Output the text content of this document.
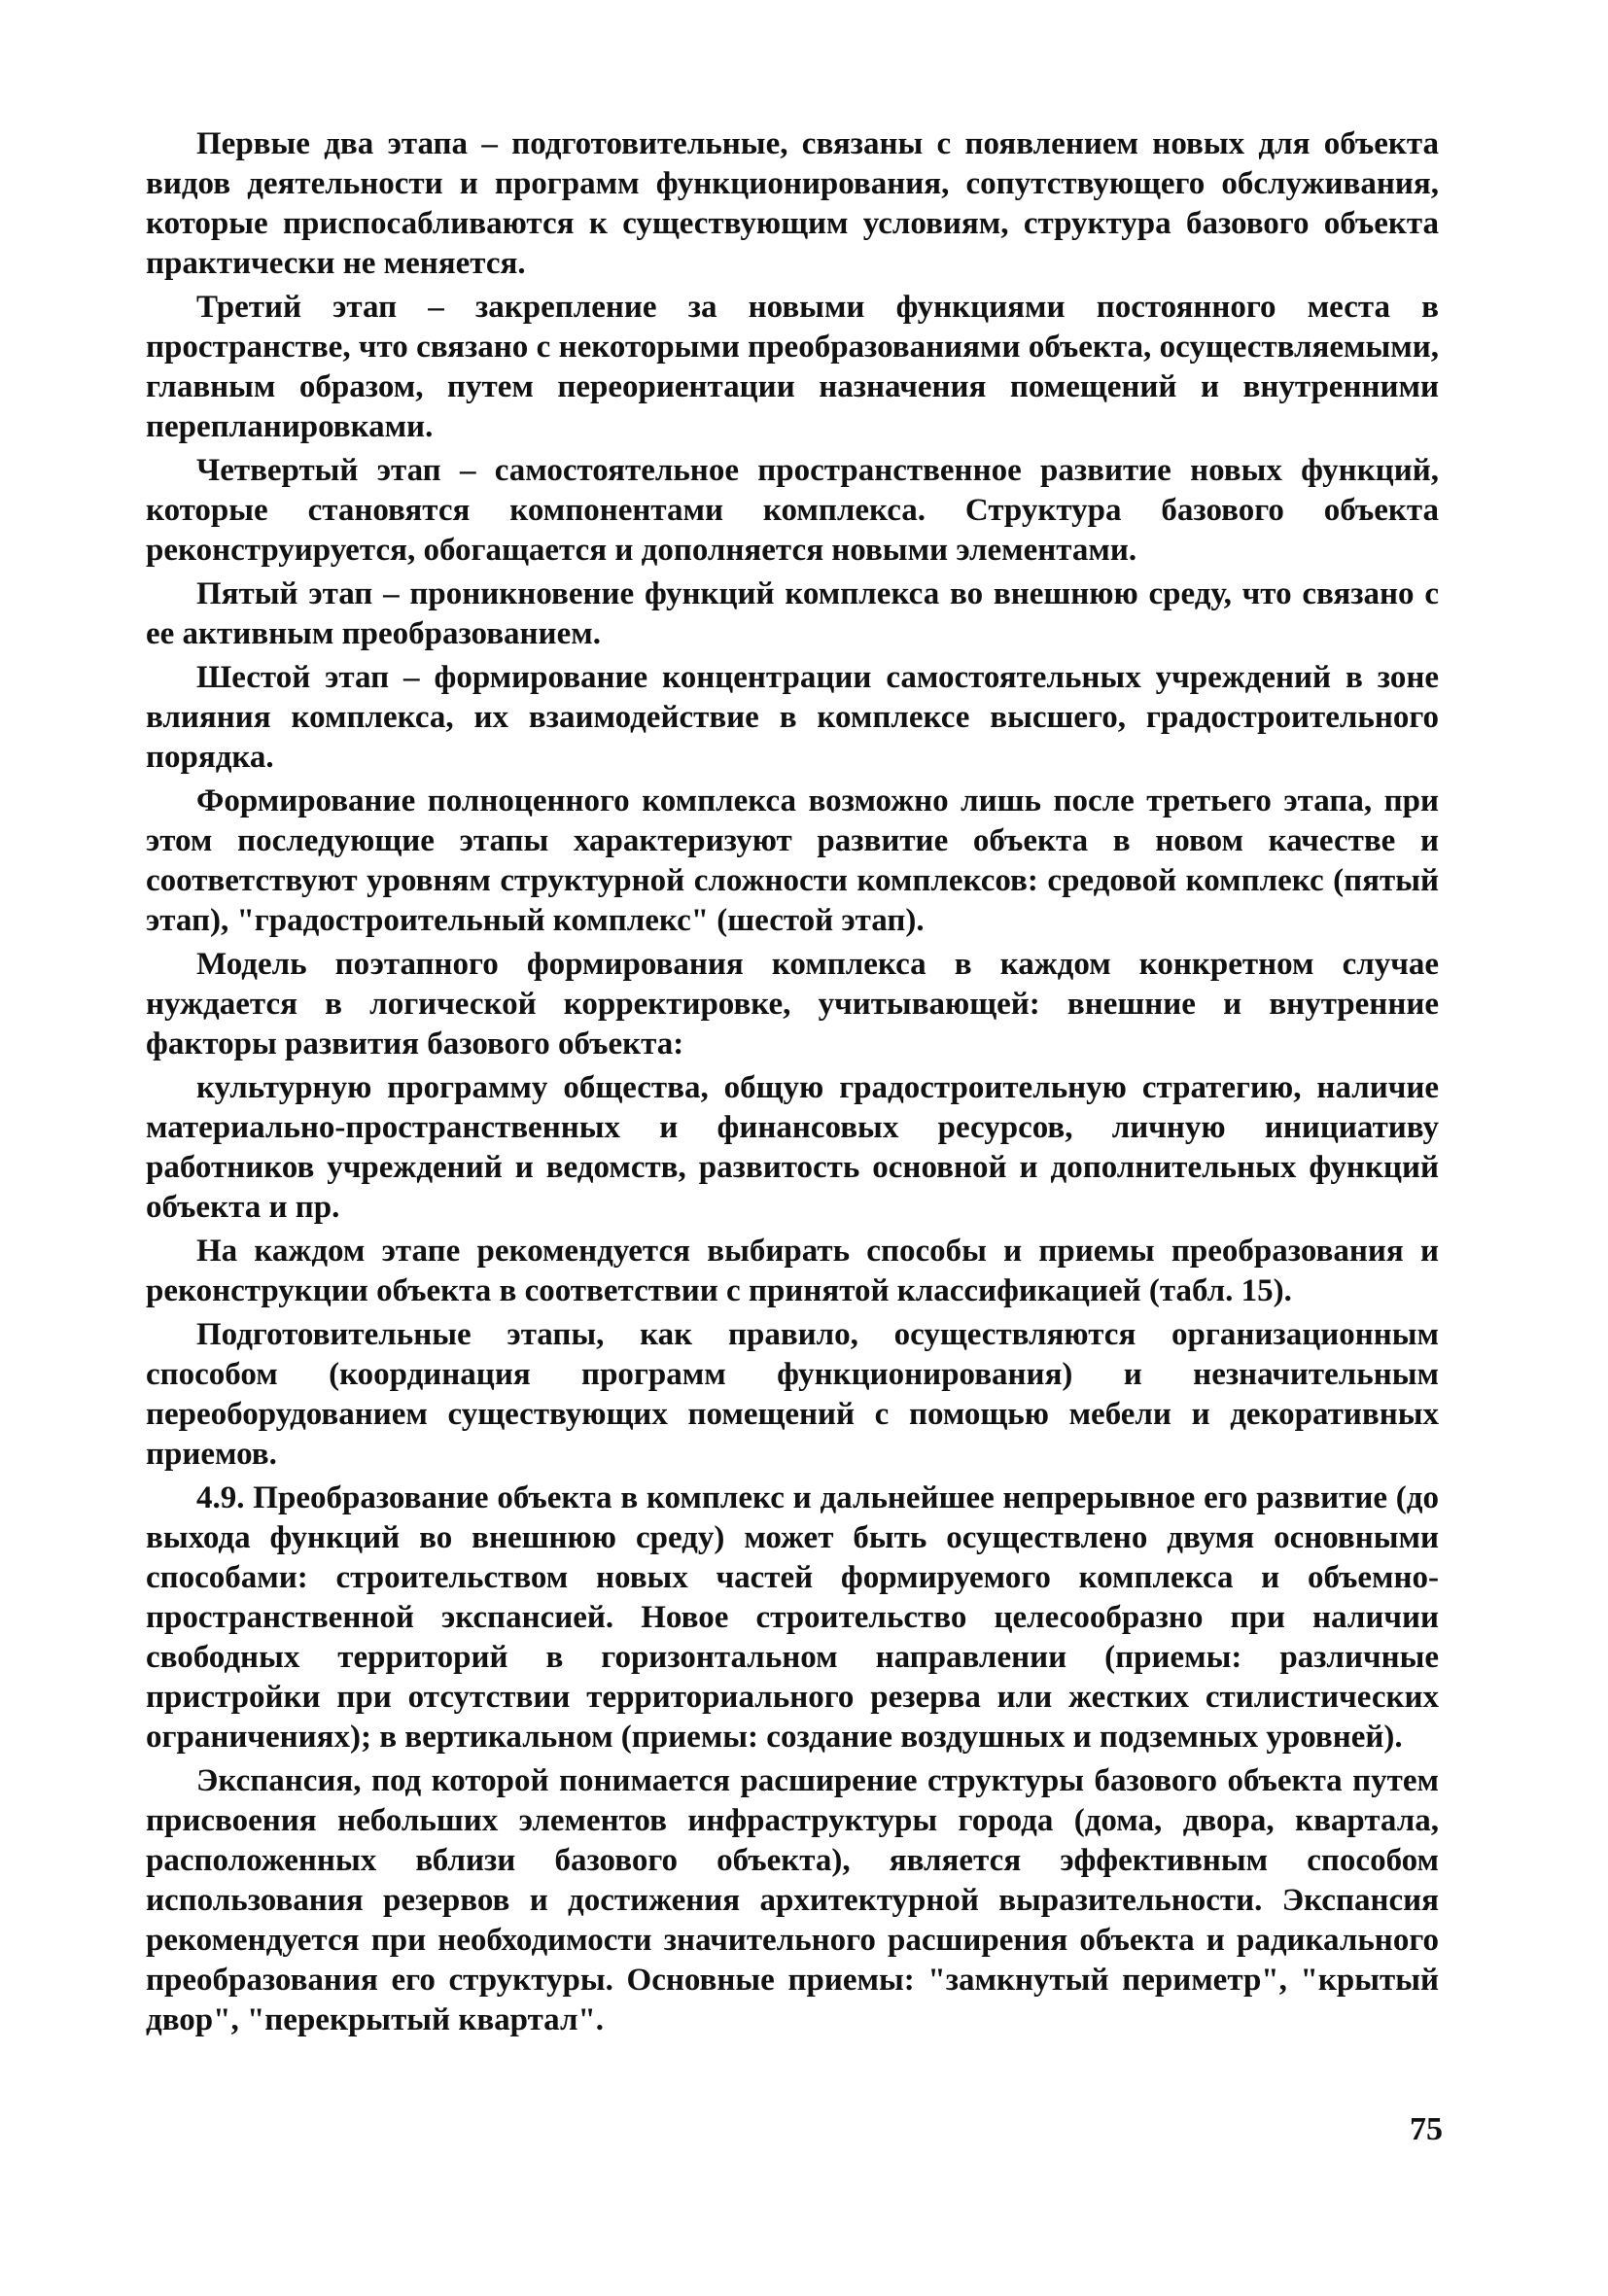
Первые два этапа – подготовительные, связаны с появлением новых для объекта видов деятельности и программ функционирования, сопутствующего обслуживания, которые приспосабливаются к существующим условиям, структура базового объекта практически не меняется.

Третий этап – закрепление за новыми функциями постоянного места в пространстве, что связано с некоторыми преобразованиями объекта, осуществляемыми, главным образом, путем переориентации назначения помещений и внутренними перепланировками.

Четвертый этап – самостоятельное пространственное развитие новых функций, которые становятся компонентами комплекса. Структура базового объекта реконструируется, обогащается и дополняется новыми элементами.

Пятый этап – проникновение функций комплекса во внешнюю среду, что связано с ее активным преобразованием.

Шестой этап – формирование концентрации самостоятельных учреждений в зоне влияния комплекса, их взаимодействие в комплексе высшего, градостроительного порядка.

Формирование полноценного комплекса возможно лишь после третьего этапа, при этом последующие этапы характеризуют развитие объекта в новом качестве и соответствуют уровням структурной сложности комплексов: средовой комплекс (пятый этап), "градостроительный комплекс" (шестой этап).

Модель поэтапного формирования комплекса в каждом конкретном случае нуждается в логической корректировке, учитывающей: внешние и внутренние факторы развития базового объекта:

культурную программу общества, общую градостроительную стратегию, наличие материально-пространственных и финансовых ресурсов, личную инициативу работников учреждений и ведомств, развитость основной и дополнительных функций объекта и пр.

На каждом этапе рекомендуется выбирать способы и приемы преобразования и реконструкции объекта в соответствии с принятой классификацией (табл. 15).

Подготовительные этапы, как правило, осуществляются организационным способом (координация программ функционирования) и незначительным переоборудованием существующих помещений с помощью мебели и декоративных приемов.

4.9. Преобразование объекта в комплекс и дальнейшее непрерывное его развитие (до выхода функций во внешнюю среду) может быть осуществлено двумя основными способами: строительством новых частей формируемого комплекса и объемно-пространственной экспансией. Новое строительство целесообразно при наличии свободных территорий в горизонтальном направлении (приемы: различные пристройки при отсутствии территориального резерва или жестких стилистических ограничениях); в вертикальном (приемы: создание воздушных и подземных уровней).

Экспансия, под которой понимается расширение структуры базового объекта путем присвоения небольших элементов инфраструктуры города (дома, двора, квартала, расположенных вблизи базового объекта), является эффективным способом использования резервов и достижения архитектурной выразительности. Экспансия рекомендуется при необходимости значительного расширения объекта и радикального преобразования его структуры. Основные приемы: "замкнутый периметр", "крытый двор", "перекрытый квартал".

75
